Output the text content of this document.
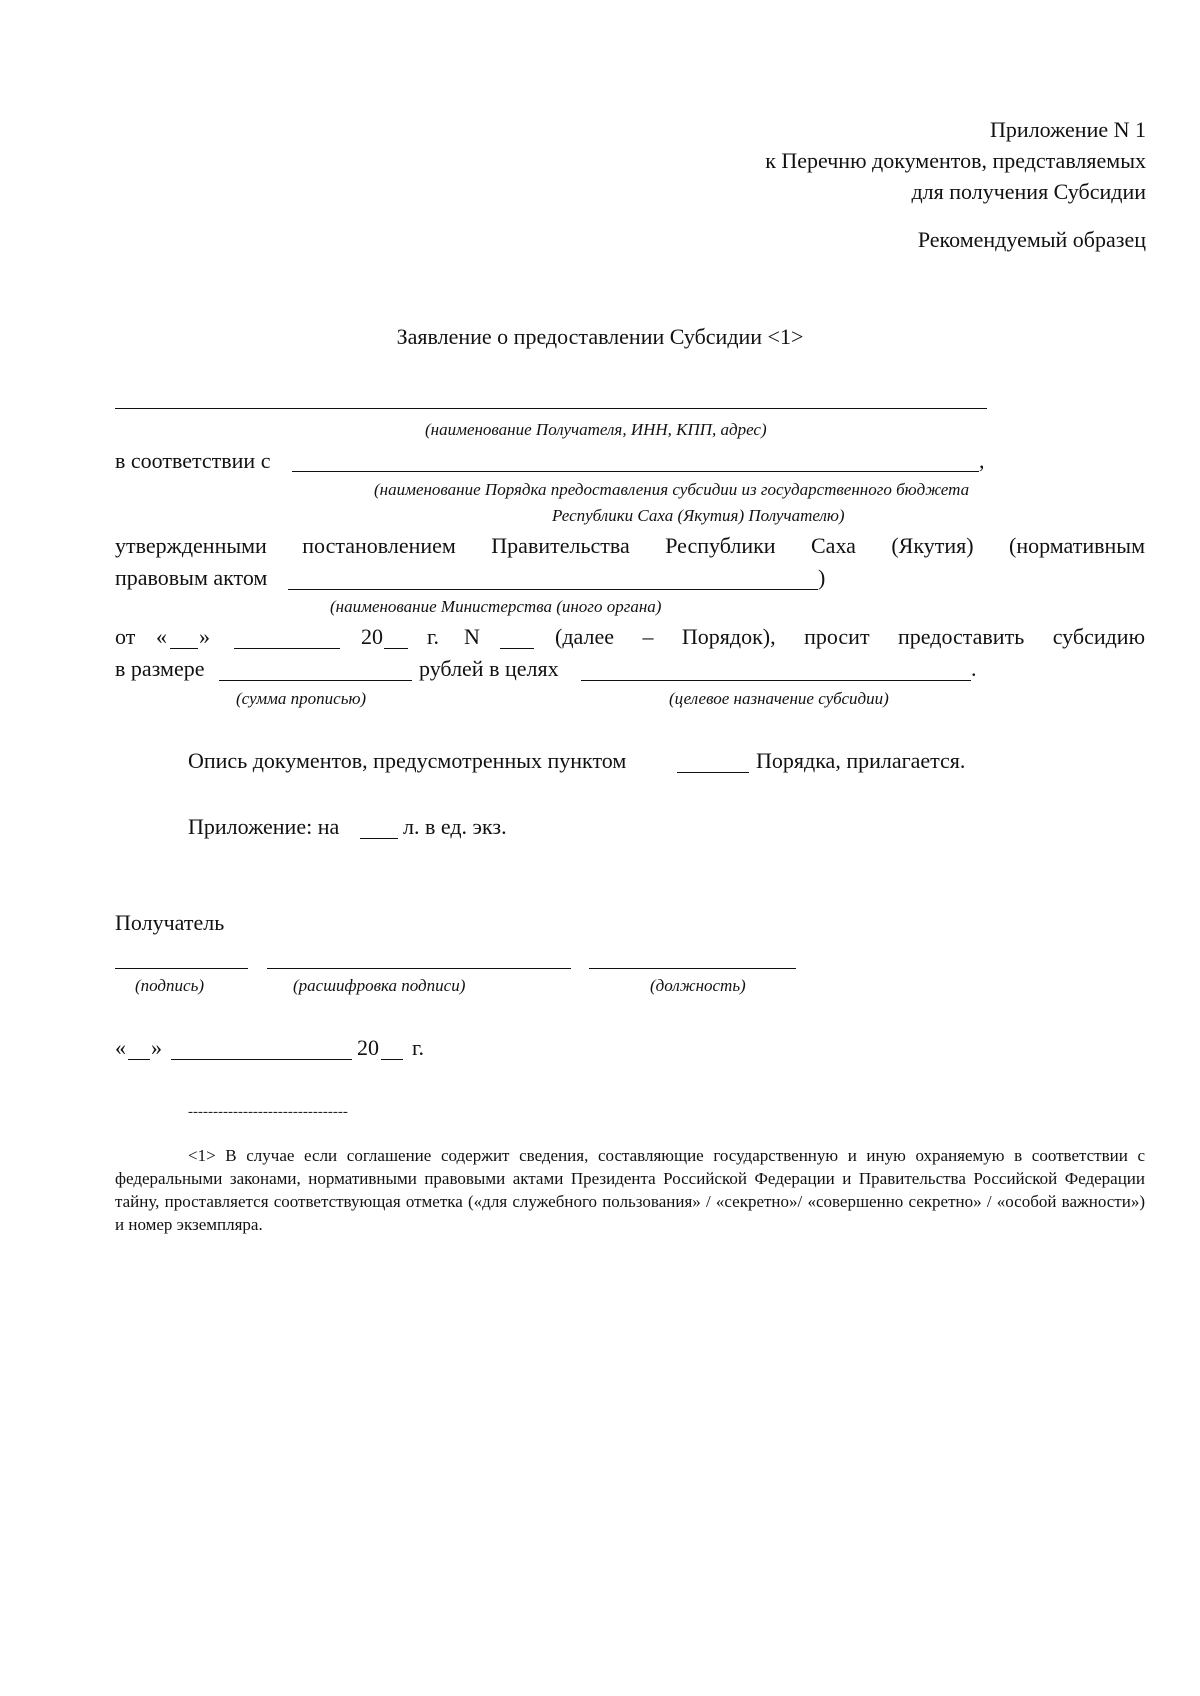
Приложение N 1
к Перечню документов, представляемых
для получения Субсидии
Рекомендуемый образец
Заявление о предоставлении Субсидии <1>
(наименование Получателя, ИНН, КПП, адрес)
в соответствии с	,
(наименование Порядка предоставления субсидии из государственного бюджета
Республики Саха (Якутия) Получателю)
утвержденными постановлением Правительства Республики Саха (Якутия) (нормативным
правовым актом	)
(наименование Министерства (иного органа)
от « »	20 г. N	(далее – Порядок), просит предоставить субсидию
в размере	рублей в целях	.
(сумма прописью)	(целевое назначение субсидии)
Опись документов, предусмотренных пунктом	Порядка, прилагается.
Приложение: на	л. в ед. экз.
Получатель
(подпись)	(расшифровка подписи)	(должность)
« »	20 г.
--------------------------------
<1> В случае если соглашение содержит сведения, составляющие государственную и иную охраняемую в соответствии с федеральными законами, нормативными правовыми актами Президента Российской Федерации и Правительства Российской Федерации тайну, проставляется соответствующая отметка («для служебного пользования» / «секретно»/ «совершенно секретно» / «особой важности») и номер экземпляра.
